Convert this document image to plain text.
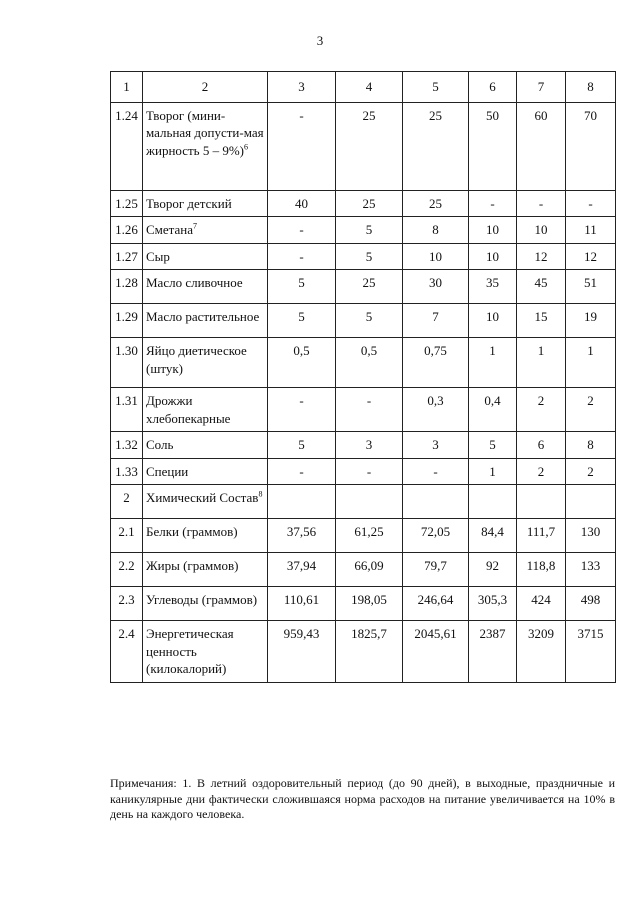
3
1	2	3	4	5	6	7	8
1.24	Творог (мини-мальная допусти-мая жирность 5 – 9%)$^6$	-	25	25	50	60	70
1.25	Творог детский	40	25	25	-	-	-
1.26	Сметана$^7$	-	5	8	10	10	11
1.27	Сыр	-	5	10	10	12	12
1.28	Масло сливочное	5	25	30	35	45	51
1.29	Масло растительное	5	5	7	10	15	19
1.30	Яйцо диетическое (штук)	0,5	0,5	0,75	1	1	1
1.31	Дрожжи хлебопекарные	-	-	0,3	0,4	2	2
1.32	Соль	5	3	3	5	6	8
1.33	Специи	-	-	-	1	2	2
2	Химический Состав$^8$						
2.1	Белки (граммов)	37,56	61,25	72,05	84,4	111,7	130
2.2	Жиры (граммов)	37,94	66,09	79,7	92	118,8	133
2.3	Углеводы (граммов)	110,61	198,05	246,64	305,3	424	498
2.4	Энергетическая ценность (килокалорий)	959,43	1825,7	2045,61	2387	3209	3715
Примечания: 1. В летний оздоровительный период (до 90 дней), в выходные, праздничные и каникулярные дни фактически сложившаяся норма расходов на питание увеличивается на 10% в день на каждого человека.
